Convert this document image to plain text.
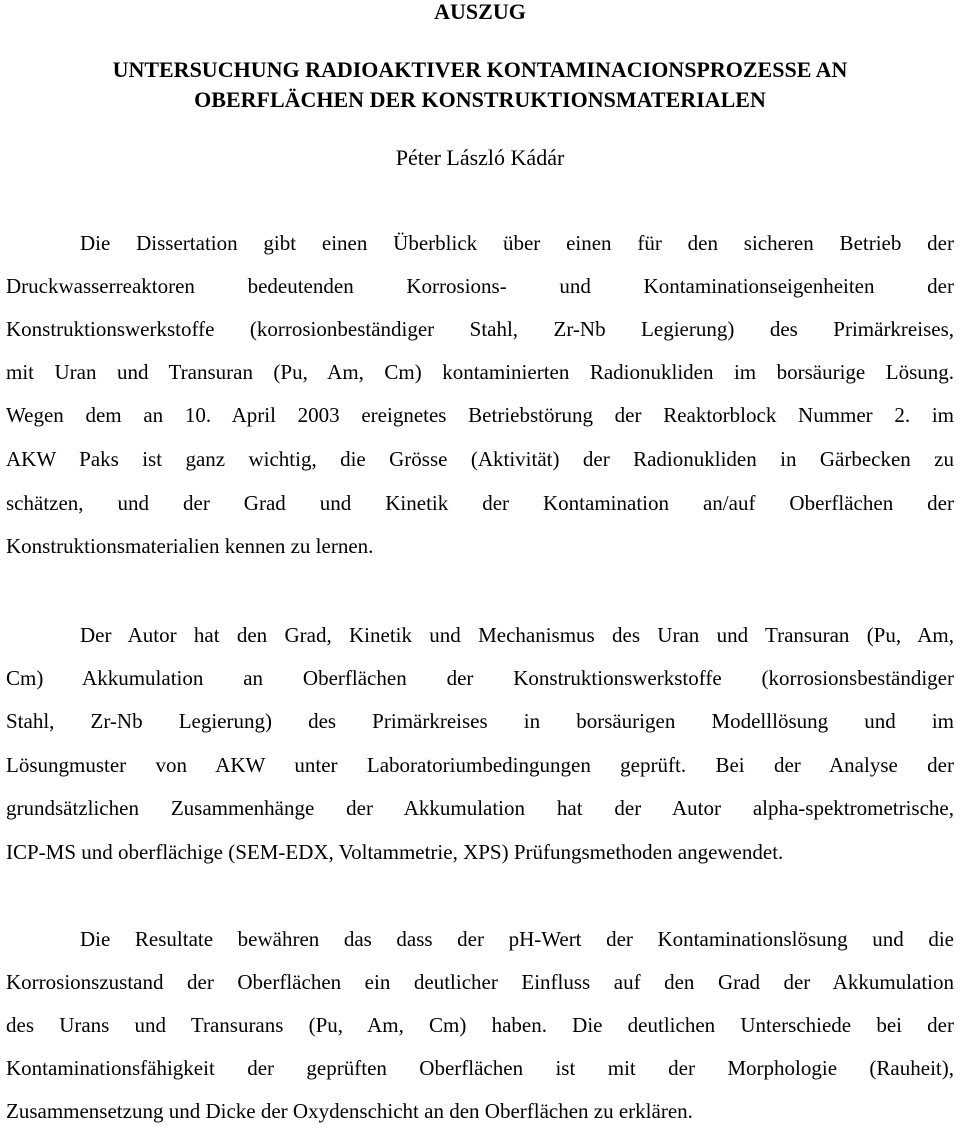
AUSZUG
UNTERSUCHUNG RADIOAKTIVER KONTAMINACIONSPROZESSE AN
OBERFLÄCHEN DER KONSTRUKTIONSMATERIALEN
Péter László Kádár
Die Dissertation gibt einen Überblick über einen für den sicheren Betrieb der
Druckwasserreaktoren bedeutenden Korrosions- und Kontaminationseigenheiten der
Konstruktionswerkstoffe (korrosionbeständiger Stahl, Zr-Nb Legierung) des Primärkreises,
mit Uran und Transuran (Pu, Am, Cm) kontaminierten Radionukliden im borsäurige Lösung.
Wegen dem an 10. April 2003 ereignetes Betriebstörung der Reaktorblock Nummer 2. im
AKW Paks ist ganz wichtig, die Grösse (Aktivität) der Radionukliden in Gärbecken zu
schätzen, und der Grad und Kinetik der Kontamination an/auf Oberflächen der
Konstruktionsmaterialien kennen zu lernen.
Der Autor hat den Grad, Kinetik und Mechanismus des Uran und Transuran (Pu, Am,
Cm) Akkumulation an Oberflächen der Konstruktionswerkstoffe (korrosionsbeständiger
Stahl, Zr-Nb Legierung) des Primärkreises in borsäurigen Modelllösung und im
Lösungmuster von AKW unter Laboratoriumbedingungen geprüft. Bei der Analyse der
grundsätzlichen Zusammenhänge der Akkumulation hat der Autor alpha-spektrometrische,
ICP-MS und oberflächige (SEM-EDX, Voltammetrie, XPS) Prüfungsmethoden angewendet.
Die Resultate bewähren das dass der pH-Wert der Kontaminationslösung und die
Korrosionszustand der Oberflächen ein deutlicher Einfluss auf den Grad der Akkumulation
des Urans und Transurans (Pu, Am, Cm) haben. Die deutlichen Unterschiede bei der
Kontaminationsfähigkeit der geprüften Oberflächen ist mit der Morphologie (Rauheit),
Zusammensetzung und Dicke der Oxydenschicht an den Oberflächen zu erklären.
